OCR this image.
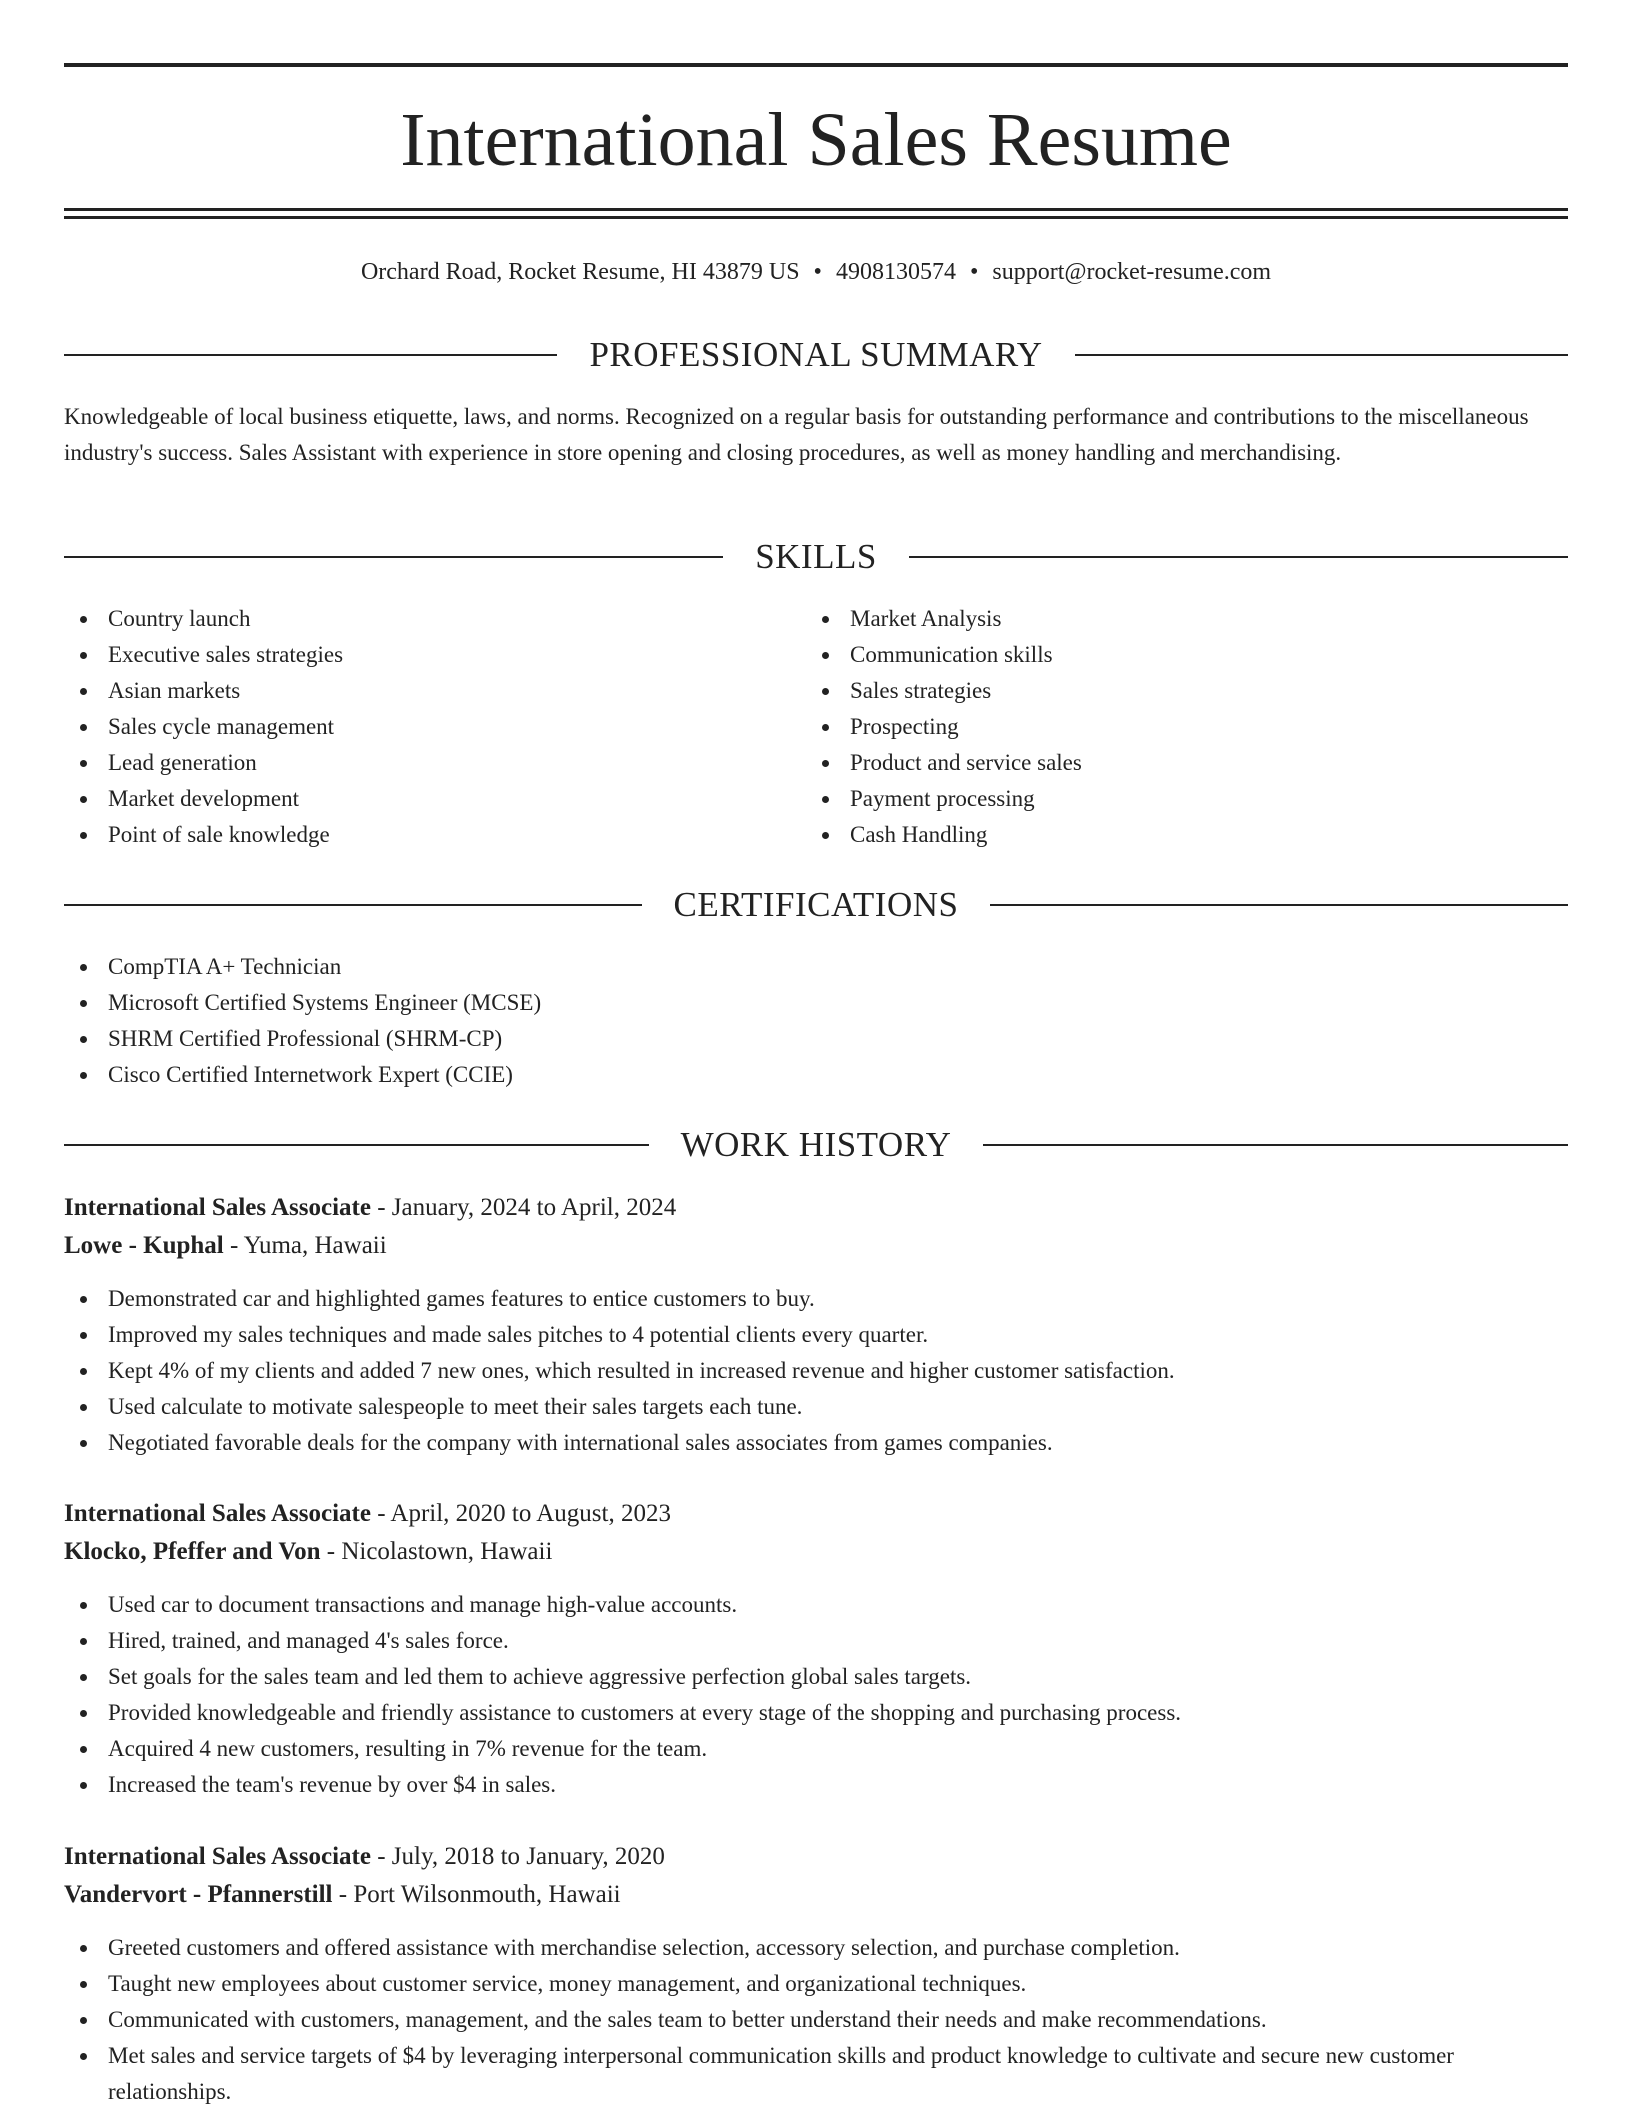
International Sales Resume
Orchard Road, Rocket Resume, HI 43879 US • 4908130574 • support@rocket-resume.com
PROFESSIONAL SUMMARY
Knowledgeable of local business etiquette, laws, and norms. Recognized on a regular basis for outstanding performance and contributions to the miscellaneous industry's success. Sales Assistant with experience in store opening and closing procedures, as well as money handling and merchandising.
SKILLS
Country launch
Executive sales strategies
Asian markets
Sales cycle management
Lead generation
Market development
Point of sale knowledge
Market Analysis
Communication skills
Sales strategies
Prospecting
Product and service sales
Payment processing
Cash Handling
CERTIFICATIONS
CompTIA A+ Technician
Microsoft Certified Systems Engineer (MCSE)
SHRM Certified Professional (SHRM-CP)
Cisco Certified Internetwork Expert (CCIE)
WORK HISTORY
International Sales Associate - January, 2024 to April, 2024
Lowe - Kuphal - Yuma, Hawaii
Demonstrated car and highlighted games features to entice customers to buy.
Improved my sales techniques and made sales pitches to 4 potential clients every quarter.
Kept 4% of my clients and added 7 new ones, which resulted in increased revenue and higher customer satisfaction.
Used calculate to motivate salespeople to meet their sales targets each tune.
Negotiated favorable deals for the company with international sales associates from games companies.
International Sales Associate - April, 2020 to August, 2023
Klocko, Pfeffer and Von - Nicolastown, Hawaii
Used car to document transactions and manage high-value accounts.
Hired, trained, and managed 4's sales force.
Set goals for the sales team and led them to achieve aggressive perfection global sales targets.
Provided knowledgeable and friendly assistance to customers at every stage of the shopping and purchasing process.
Acquired 4 new customers, resulting in 7% revenue for the team.
Increased the team's revenue by over $4 in sales.
International Sales Associate - July, 2018 to January, 2020
Vandervort - Pfannerstill - Port Wilsonmouth, Hawaii
Greeted customers and offered assistance with merchandise selection, accessory selection, and purchase completion.
Taught new employees about customer service, money management, and organizational techniques.
Communicated with customers, management, and the sales team to better understand their needs and make recommendations.
Met sales and service targets of $4 by leveraging interpersonal communication skills and product knowledge to cultivate and secure new customer relationships.
